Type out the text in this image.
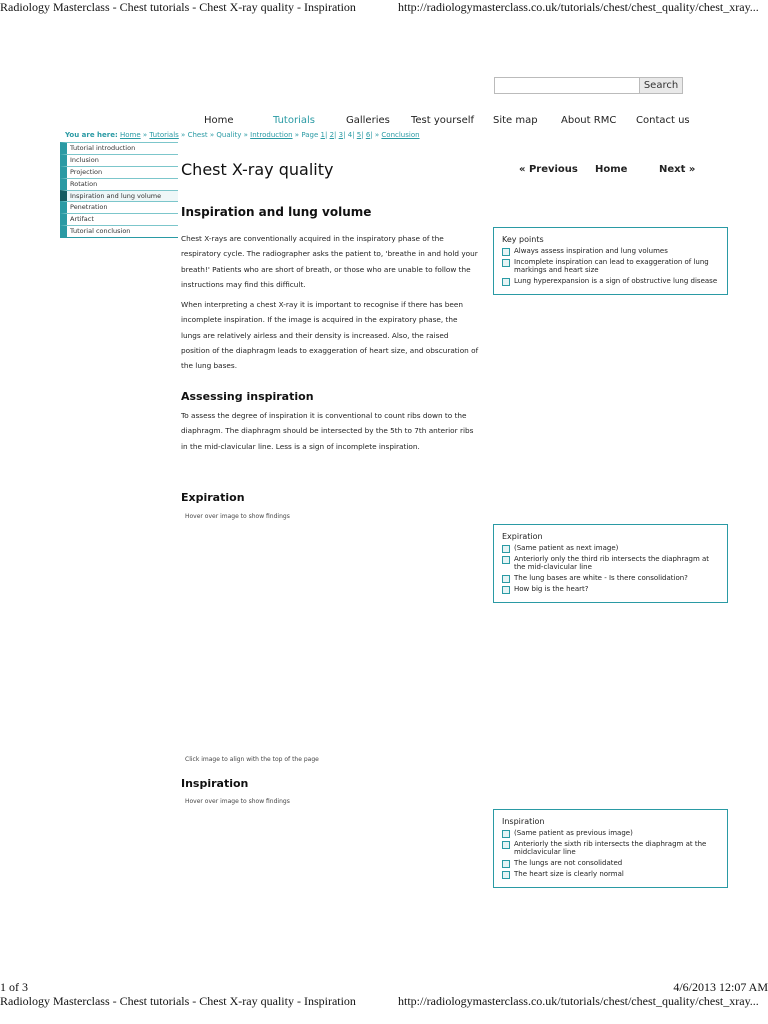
Radiology Masterclass - Chest tutorials - Chest X-ray quality - Inspiration	http://radiologymasterclass.co.uk/tutorials/chest/chest_quality/chest_xray...
1 of 3	4/6/2013 12:07 AM
Radiology Masterclass - Chest tutorials - Chest X-ray quality - Inspiration	http://radiologymasterclass.co.uk/tutorials/chest/chest_quality/chest_xray...
Search
Home	Tutorials	Galleries Test yourself Site map About RMC Contact us
You are here: Home » Tutorials » Chest » Quality » Introduction » Page 1| 2| 3| 4| 5| 6| » Conclusion
Tutorial introduction
Inclusion
Projection
Rotation
Inspiration and lung volume
Penetration
Artifact
Tutorial conclusion
Chest X-ray quality	« Previous Home	Next »
Inspiration and lung volume

Chest X-rays are conventionally acquired in the inspiratory phase of the respiratory cycle. The radiographer asks the patient to, 'breathe in and hold your breath!' Patients who are short of breath, or those who are unable to follow the instructions may find this difficult.

When interpreting a chest X-ray it is important to recognise if there has been incomplete inspiration. If the image is acquired in the expiratory phase, the lungs are relatively airless and their density is increased. Also, the raised position of the diaphragm leads to exaggeration of heart size, and obscuration of the lung bases.

Assessing inspiration

To assess the degree of inspiration it is conventional to count ribs down to the diaphragm. The diaphragm should be intersected by the 5th to 7th anterior ribs in the mid-clavicular line. Less is a sign of incomplete inspiration.

Expiration
Hover over image to show findings
Click image to align with the top of the page
Inspiration
Hover over image to show findings
Key points
Always assess inspiration and lung volumes
Incomplete inspiration can lead to exaggeration of lung markings and heart size
Lung hyperexpansion is a sign of obstructive lung disease
Expiration
(Same patient as next image)
Anteriorly only the third rib intersects the diaphragm at the mid-clavicular line
The lung bases are white - Is there consolidation?
How big is the heart?
Inspiration
(Same patient as previous image)
Anteriorly the sixth rib intersects the diaphragm at the midclavicular line
The lungs are not consolidated
The heart size is clearly normal
